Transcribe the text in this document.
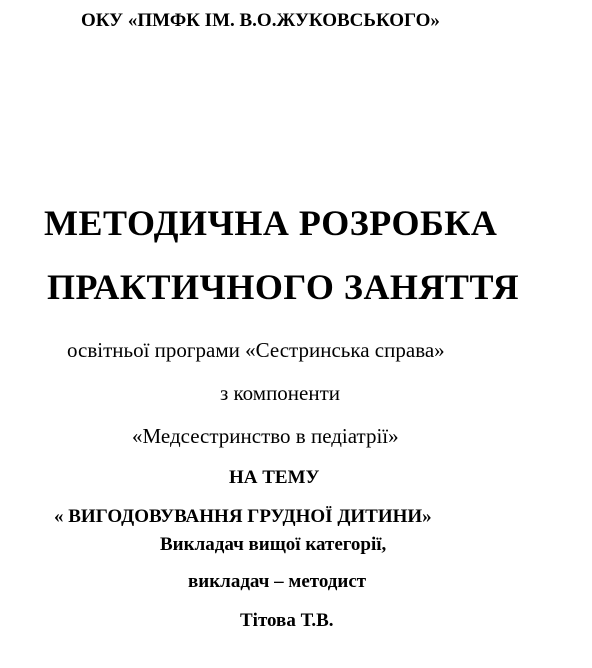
ОКУ «ПМФК ІМ. В.О.ЖУКОВСЬКОГО»
МЕТОДИЧНА РОЗРОБКА
ПРАКТИЧНОГО ЗАНЯТТЯ
освітньої програми «Сестринська справа»
з компоненти
«Медсестринство в педіатрії»
НА ТЕМУ
« ВИГОДОВУВАННЯ ГРУДНОЇ ДИТИНИ»
Викладач вищої категорії,
викладач – методист
Тітова Т.В.
